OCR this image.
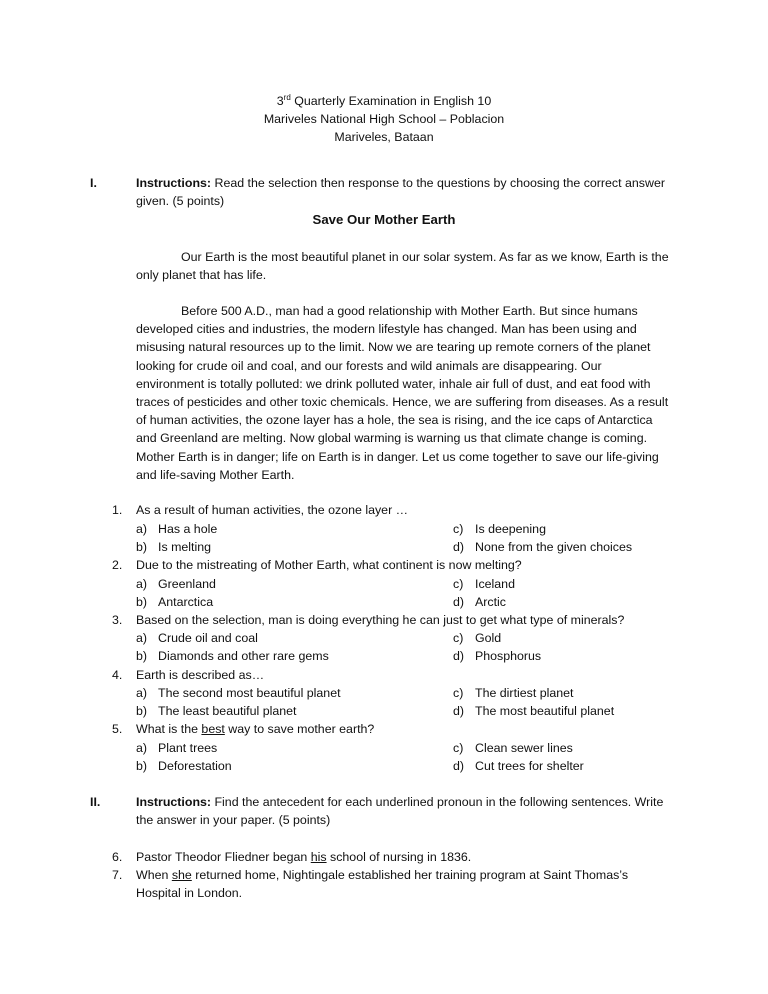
3rd Quarterly Examination in English 10
Mariveles National High School – Poblacion
Mariveles, Bataan
I.	Instructions: Read the selection then response to the questions by choosing the correct answer given. (5 points)
Save Our Mother Earth
Our Earth is the most beautiful planet in our solar system. As far as we know, Earth is the only planet that has life.
Before 500 A.D., man had a good relationship with Mother Earth. But since humans developed cities and industries, the modern lifestyle has changed. Man has been using and misusing natural resources up to the limit. Now we are tearing up remote corners of the planet looking for crude oil and coal, and our forests and wild animals are disappearing. Our environment is totally polluted: we drink polluted water, inhale air full of dust, and eat food with traces of pesticides and other toxic chemicals. Hence, we are suffering from diseases. As a result of human activities, the ozone layer has a hole, the sea is rising, and the ice caps of Antarctica and Greenland are melting. Now global warming is warning us that climate change is coming. Mother Earth is in danger; life on Earth is in danger. Let us come together to save our life-giving and life-saving Mother Earth.
1.	As a result of human activities, the ozone layer …
a) Has a hole	c) Is deepening
b) Is melting	d) None from the given choices
2.	Due to the mistreating of Mother Earth, what continent is now melting?
a) Greenland	c) Iceland
b) Antarctica	d) Arctic
3.	Based on the selection, man is doing everything he can just to get what type of minerals?
a) Crude oil and coal	c) Gold
b) Diamonds and other rare gems	d) Phosphorus
4.	Earth is described as…
a) The second most beautiful planet	c) The dirtiest planet
b) The least beautiful planet	d) The most beautiful planet
5.	What is the best way to save mother earth?
a) Plant trees	c) Clean sewer lines
b) Deforestation	d) Cut trees for shelter
II.	Instructions: Find the antecedent for each underlined pronoun in the following sentences. Write the answer in your paper. (5 points)
6.	Pastor Theodor Fliedner began his school of nursing in 1836.
7.	When she returned home, Nightingale established her training program at Saint Thomas’s Hospital in London.
